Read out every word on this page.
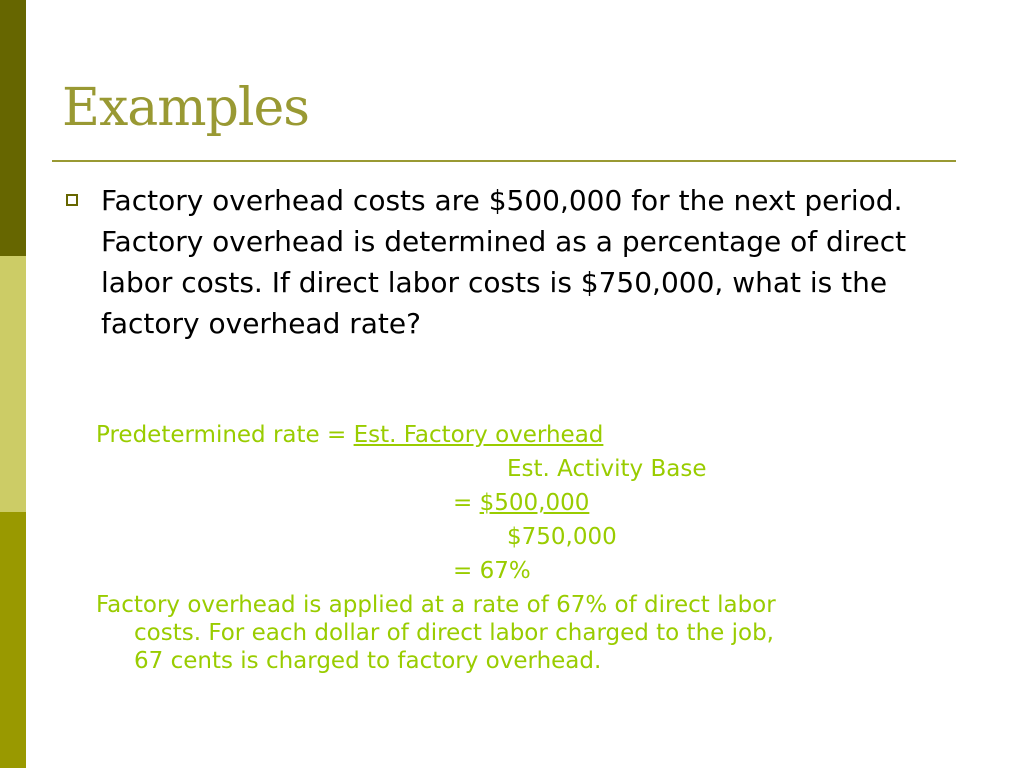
Examples
Factory overhead costs are $500,000 for the next period. Factory overhead is determined as a percentage of direct labor costs. If direct labor costs is $750,000, what is the factory overhead rate?
Predetermined rate = Est. Factory overhead
Est. Activity Base
= $500,000
$750,000
= 67%
Factory overhead is applied at a rate of 67% of direct labor
costs. For each dollar of direct labor charged to the job,
67 cents is charged to factory overhead.
